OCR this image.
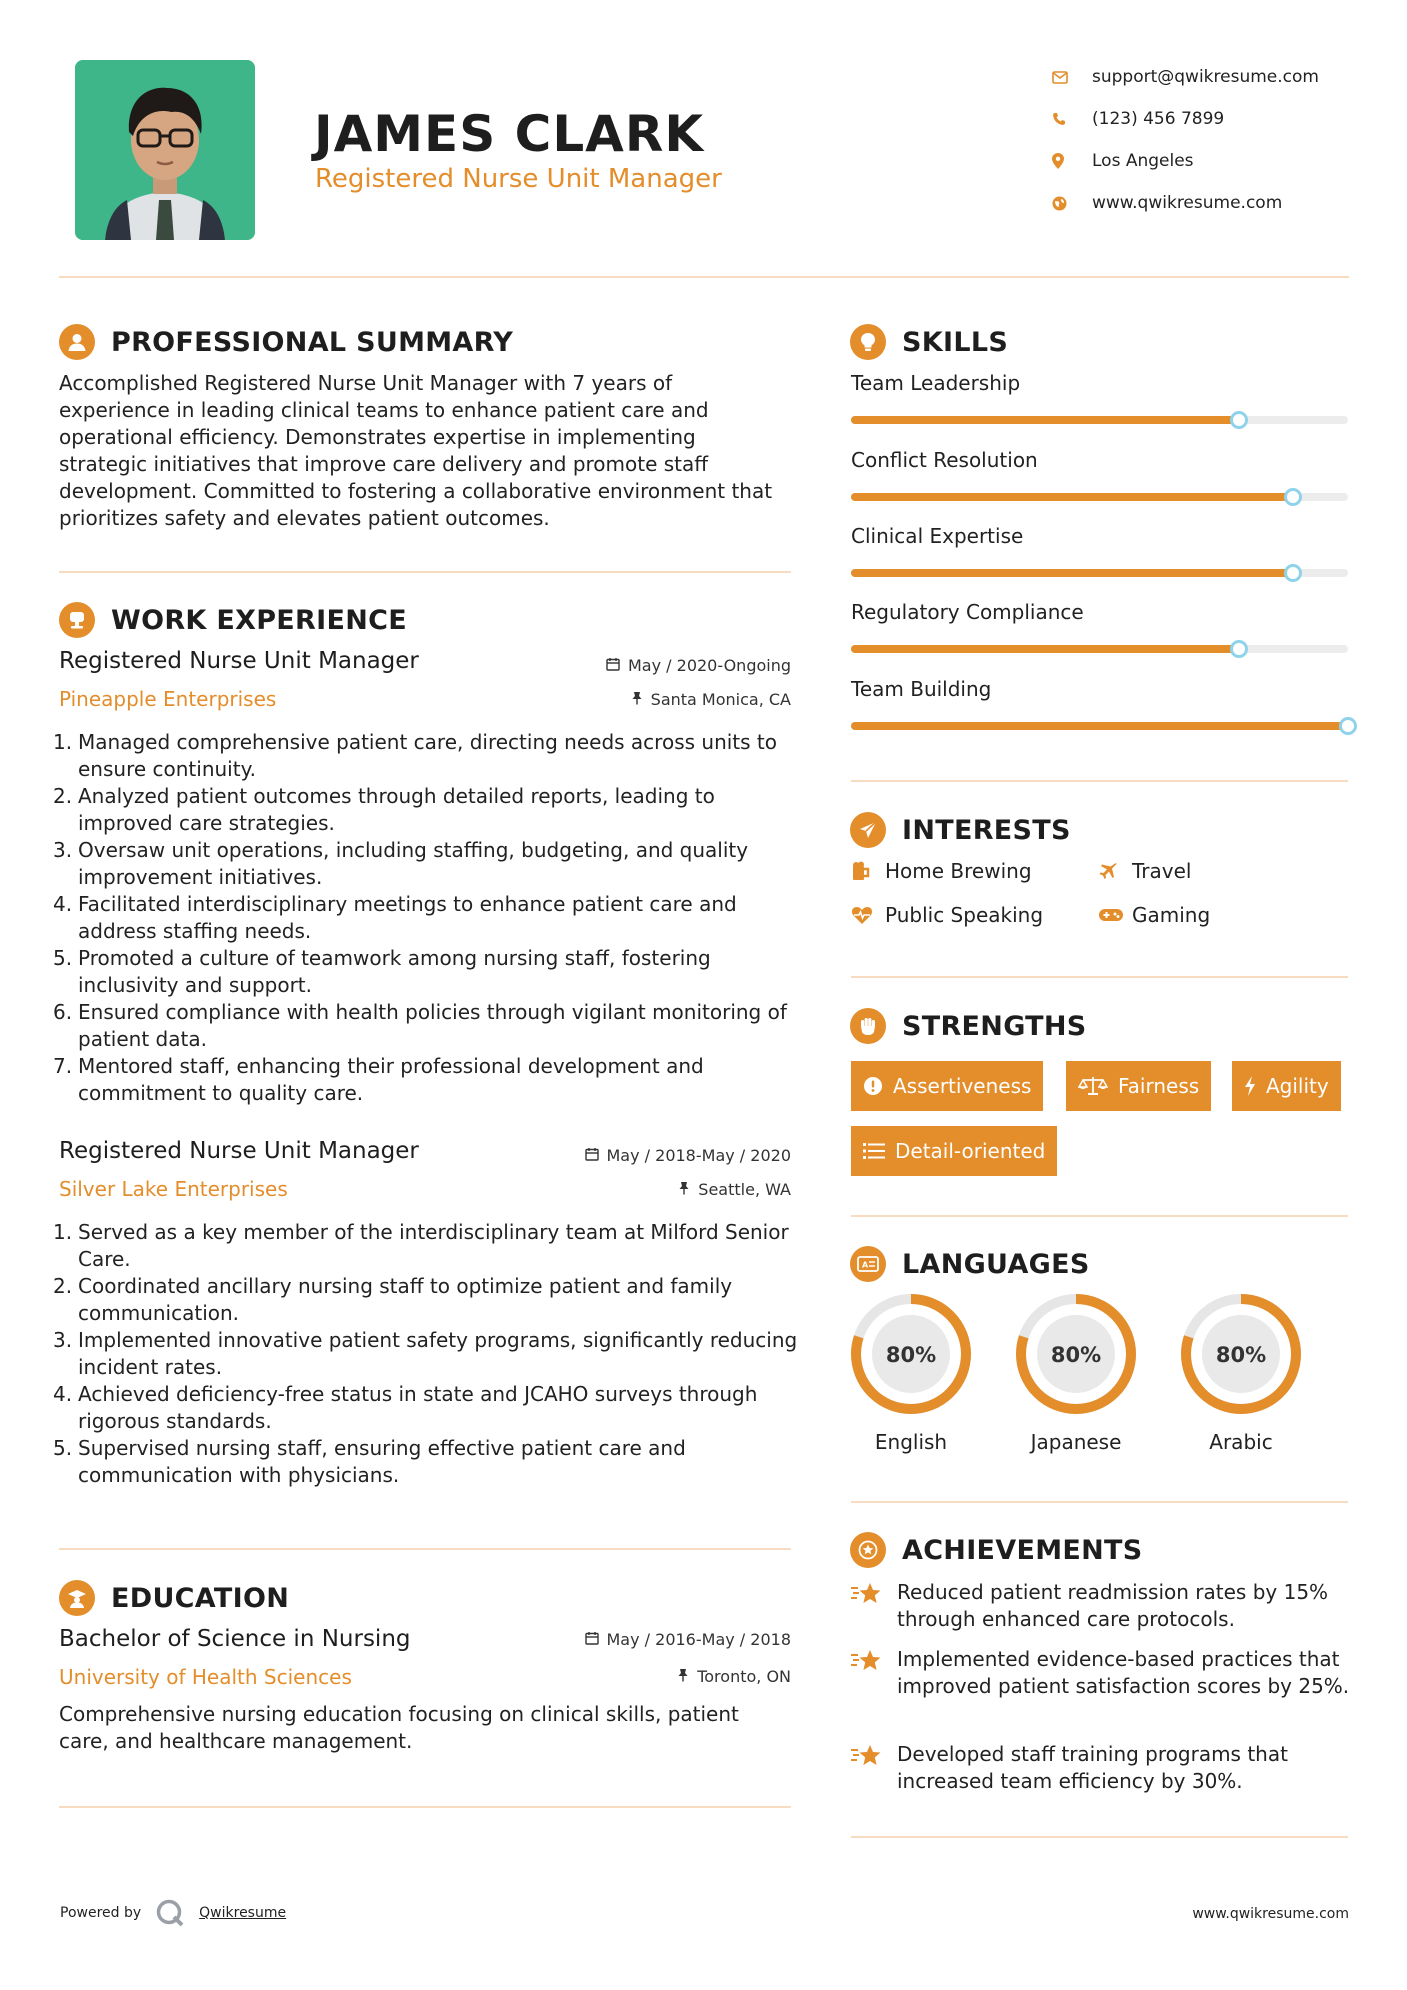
JAMES CLARK
Registered Nurse Unit Manager
support@qwikresume.com
(123) 456 7899
Los Angeles
www.qwikresume.com
PROFESSIONAL SUMMARY
Accomplished Registered Nurse Unit Manager with 7 years of experience in leading clinical teams to enhance patient care and operational efficiency. Demonstrates expertise in implementing strategic initiatives that improve care delivery and promote staff development. Committed to fostering a collaborative environment that prioritizes safety and elevates patient outcomes.
WORK EXPERIENCE
Registered Nurse Unit Manager	May / 2020-Ongoing
Pineapple Enterprises	Santa Monica, CA
1. Managed comprehensive patient care, directing needs across units to ensure continuity.
2. Analyzed patient outcomes through detailed reports, leading to improved care strategies.
3. Oversaw unit operations, including staffing, budgeting, and quality improvement initiatives.
4. Facilitated interdisciplinary meetings to enhance patient care and address staffing needs.
5. Promoted a culture of teamwork among nursing staff, fostering inclusivity and support.
6. Ensured compliance with health policies through vigilant monitoring of patient data.
7. Mentored staff, enhancing their professional development and commitment to quality care.
Registered Nurse Unit Manager	May / 2018-May / 2020
Silver Lake Enterprises	Seattle, WA
1. Served as a key member of the interdisciplinary team at Milford Senior Care.
2. Coordinated ancillary nursing staff to optimize patient and family communication.
3. Implemented innovative patient safety programs, significantly reducing incident rates.
4. Achieved deficiency-free status in state and JCAHO surveys through rigorous standards.
5. Supervised nursing staff, ensuring effective patient care and communication with physicians.
EDUCATION
Bachelor of Science in Nursing	May / 2016-May / 2018
University of Health Sciences	Toronto, ON
Comprehensive nursing education focusing on clinical skills, patient care, and healthcare management.
SKILLS
Team Leadership
Conflict Resolution
Clinical Expertise
Regulatory Compliance
Team Building
INTERESTS
Home Brewing	Travel
Public Speaking	Gaming
STRENGTHS
Assertiveness	Fairness	Agility
Detail-oriented
A LANGUAGES
80%
English
80%
Japanese
80%
Arabic
ACHIEVEMENTS
Reduced patient readmission rates by 15% through enhanced care protocols.
Implemented evidence-based practices that improved patient satisfaction scores by 25%.
Developed staff training programs that increased team efficiency by 30%.
Powered by	Qwikresume	www.qwikresume.com
